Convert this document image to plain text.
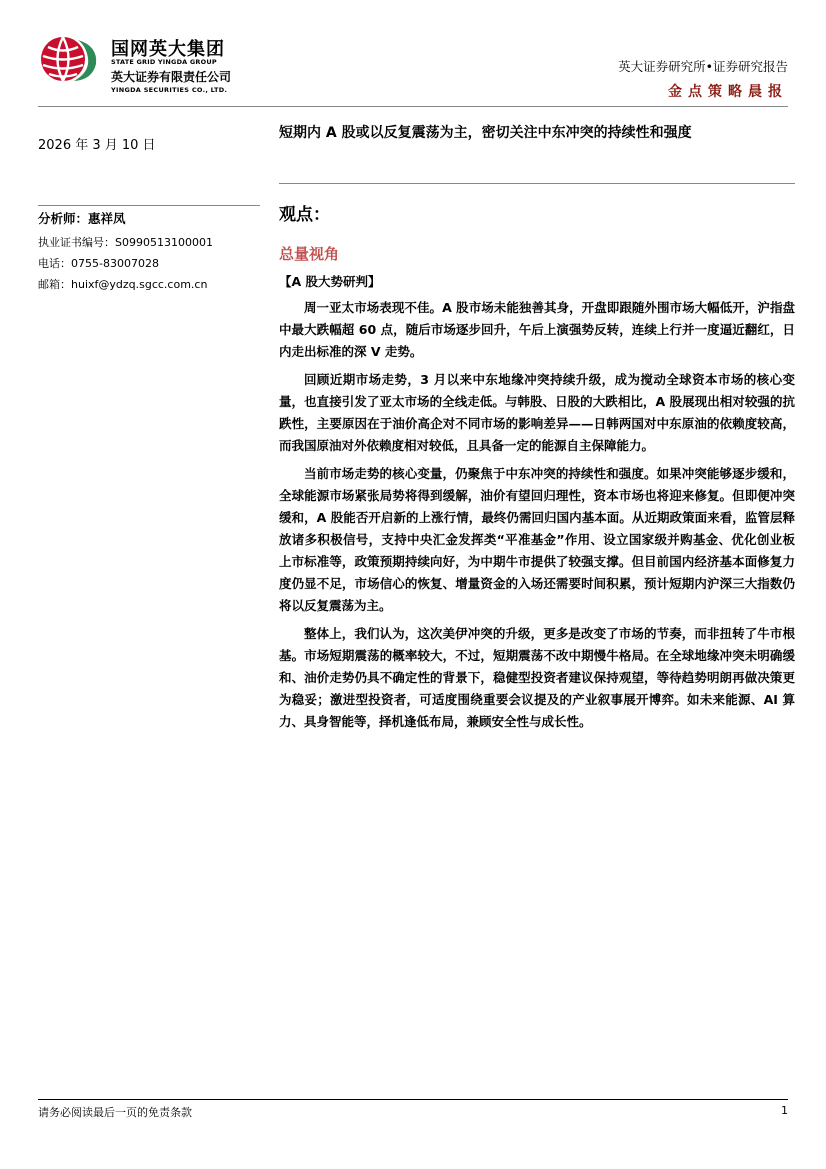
国网英大集团
STATE GRID YINGDA GROUP
英大证券有限责任公司
YINGDA SECURITIES CO., LTD.
英大证券研究所•证券研究报告
金点策略晨报
2026 年 3 月 10 日
分析师：惠祥凤
执业证书编号：S0990513100001
电话：0755-83007028
邮箱：huixf@ydzq.sgcc.com.cn
短期内 A 股或以反复震荡为主，密切关注中东冲突的持续性和强度
观点：
总量视角
【A 股大势研判】

周一亚太市场表现不佳。A 股市场未能独善其身，开盘即跟随外围市场大幅低开，沪指盘中最大跌幅超 60 点，随后市场逐步回升，午后上演强势反转，连续上行并一度逼近翻红，日内走出标准的深 V 走势。

回顾近期市场走势，3 月以来中东地缘冲突持续升级，成为搅动全球资本市场的核心变量，也直接引发了亚太市场的全线走低。与韩股、日股的大跌相比，A 股展现出相对较强的抗跌性，主要原因在于油价高企对不同市场的影响差异——日韩两国对中东原油的依赖度较高，而我国原油对外依赖度相对较低，且具备一定的能源自主保障能力。

当前市场走势的核心变量，仍聚焦于中东冲突的持续性和强度。如果冲突能够逐步缓和，全球能源市场紧张局势将得到缓解，油价有望回归理性，资本市场也将迎来修复。但即便冲突缓和，A 股能否开启新的上涨行情，最终仍需回归国内基本面。从近期政策面来看，监管层释放诸多积极信号，支持中央汇金发挥类“平准基金”作用、设立国家级并购基金、优化创业板上市标准等，政策预期持续向好，为中期牛市提供了较强支撑。但目前国内经济基本面修复力度仍显不足，市场信心的恢复、增量资金的入场还需要时间积累，预计短期内沪深三大指数仍将以反复震荡为主。

整体上，我们认为，这次美伊冲突的升级，更多是改变了市场的节奏，而非扭转了牛市根基。市场短期震荡的概率较大，不过，短期震荡不改中期慢牛格局。在全球地缘冲突未明确缓和、油价走势仍具不确定性的背景下，稳健型投资者建议保持观望，等待趋势明朗再做决策更为稳妥；激进型投资者，可适度围绕重要会议提及的产业叙事展开博弈。如未来能源、AI 算力、具身智能等，择机逢低布局，兼顾安全性与成长性。

请务必阅读最后一页的免责条款	1
